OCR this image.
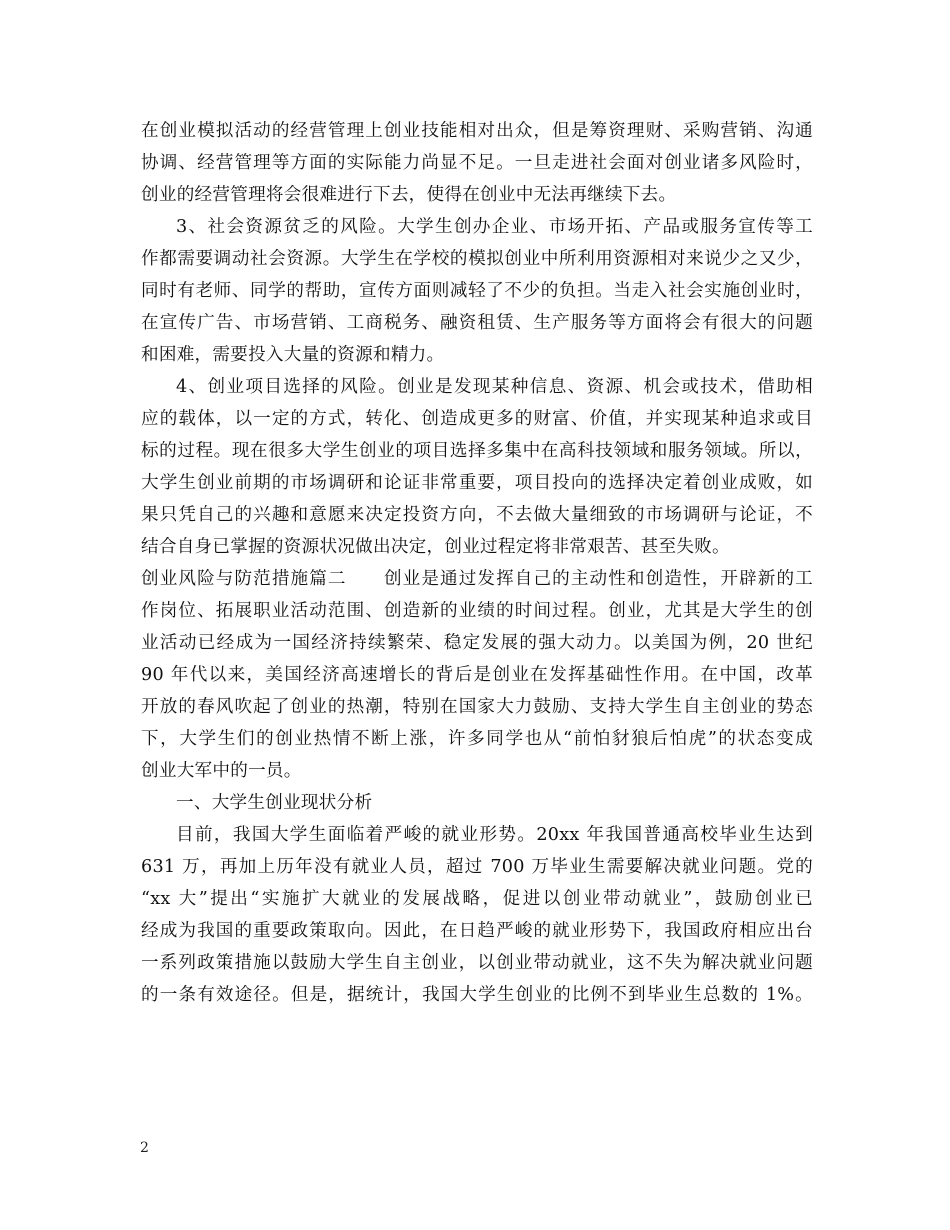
在创业模拟活动的经营管理上创业技能相对出众，但是筹资理财、采购营销、沟通
协调、经营管理等方面的实际能力尚显不足。一旦走进社会面对创业诸多风险时，
创业的经营管理将会很难进行下去，使得在创业中无法再继续下去。
3、社会资源贫乏的风险。大学生创办企业、市场开拓、产品或服务宣传等工
作都需要调动社会资源。大学生在学校的模拟创业中所利用资源相对来说少之又少，
同时有老师、同学的帮助，宣传方面则减轻了不少的负担。当走入社会实施创业时，
在宣传广告、市场营销、工商税务、融资租赁、生产服务等方面将会有很大的问题
和困难，需要投入大量的资源和精力。
4、创业项目选择的风险。创业是发现某种信息、资源、机会或技术，借助相
应的载体，以一定的方式，转化、创造成更多的财富、价值，并实现某种追求或目
标的过程。现在很多大学生创业的项目选择多集中在高科技领域和服务领域。所以，
大学生创业前期的市场调研和论证非常重要，项目投向的选择决定着创业成败，如
果只凭自己的兴趣和意愿来决定投资方向，不去做大量细致的市场调研与论证，不
结合自身已掌握的资源状况做出决定，创业过程定将非常艰苦、甚至失败。
创业风险与防范措施篇二　　创业是通过发挥自己的主动性和创造性，开辟新的工
作岗位、拓展职业活动范围、创造新的业绩的时间过程。创业，尤其是大学生的创
业活动已经成为一国经济持续繁荣、稳定发展的强大动力。以美国为例，20 世纪
90 年代以来，美国经济高速增长的背后是创业在发挥基础性作用。在中国，改革
开放的春风吹起了创业的热潮，特别在国家大力鼓励、支持大学生自主创业的势态
下，大学生们的创业热情不断上涨，许多同学也从“前怕豺狼后怕虎”的状态变成
创业大军中的一员。
一、大学生创业现状分析
目前，我国大学生面临着严峻的就业形势。20xx 年我国普通高校毕业生达到
631 万，再加上历年没有就业人员，超过 700 万毕业生需要解决就业问题。党的
“xx 大”提出“实施扩大就业的发展战略，促进以创业带动就业”，鼓励创业已
经成为我国的重要政策取向。因此，在日趋严峻的就业形势下，我国政府相应出台
一系列政策措施以鼓励大学生自主创业，以创业带动就业，这不失为解决就业问题
的一条有效途径。但是，据统计，我国大学生创业的比例不到毕业生总数的 1%。
2
